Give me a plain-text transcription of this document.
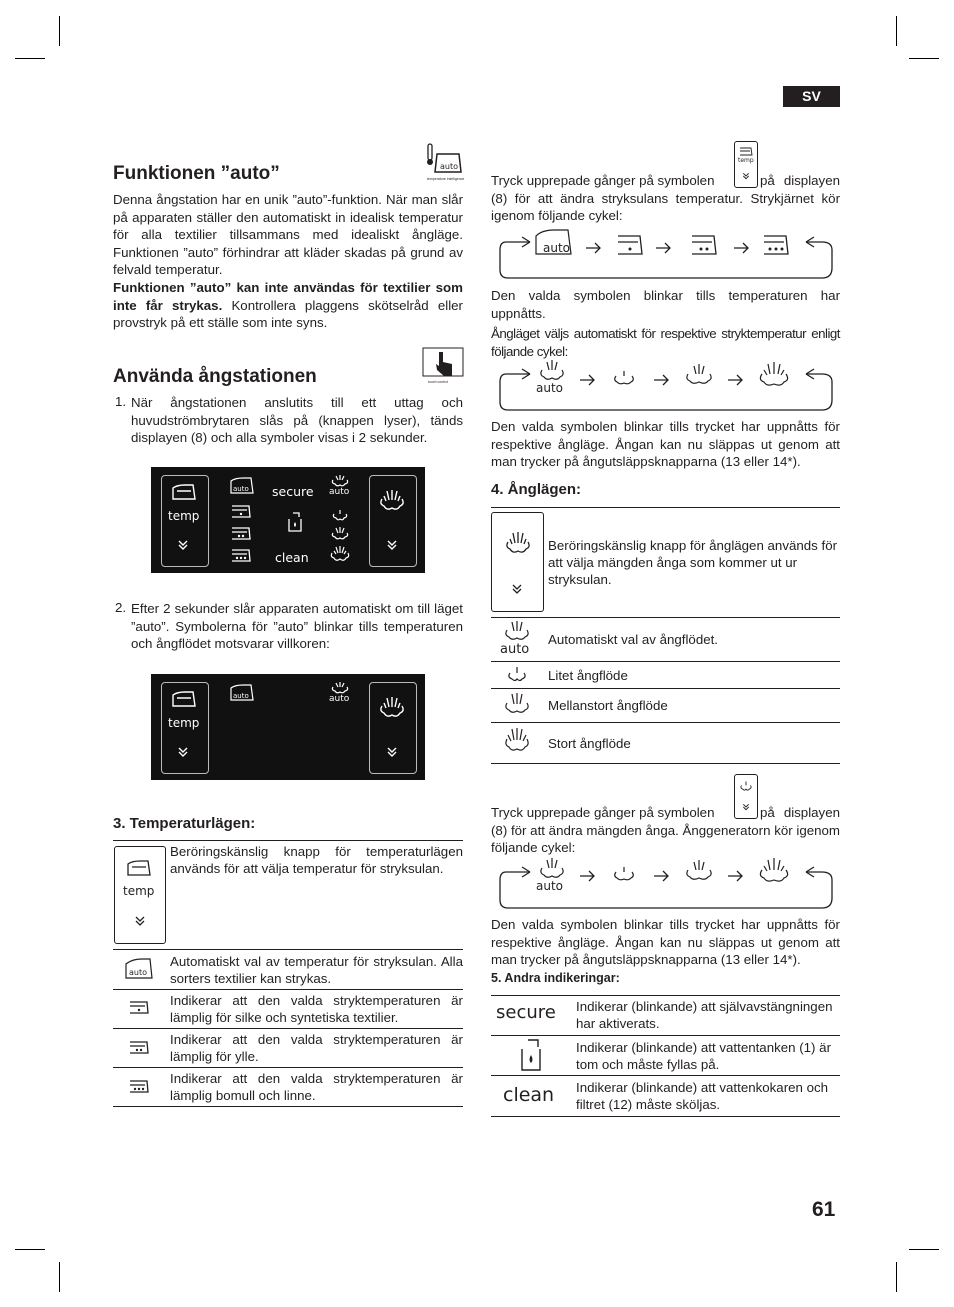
SV
Funktionen ”auto”	auto
temperature intelligence

Denna ångstation har en unik ”auto”-funktion. När man slår på apparaten ställer den automatiskt in idealisk temperatur för alla textilier tillsammans med idealiskt ångläge. Funktionen ”auto” förhindrar att kläder skadas på grund av felvald temperatur.

Funktionen ”auto” kan inte användas för textilier som inte får strykas. Kontrollera plaggens skötselråd eller provstryk på ett ställe som inte syns.

Använda ångstationen	touch control
1. När ångstationen anslutits till ett uttag och huvudströmbrytaren slås på (knappen lyser), tänds displayen (8) och alla symboler visas i 2 sekunder.
temp
auto secure
clean
auto
2. Efter 2 sekunder slår apparaten automatiskt om till läget ”auto”. Symbolerna för ”auto” blinkar tills temperaturen och ångflödet motsvarar villkoren:
temp
auto	auto
3. Temperaturlägen:
temp
Beröringskänslig knapp för temperaturlägen används för att välja temperatur för stryksulan.
auto
Automatiskt val av temperatur för stryksulan. Alla sorters textilier kan strykas.
Indikerar att den valda stryktemperaturen är lämplig för silke och syntetiska textilier.
Indikerar att den valda stryktemperaturen är lämplig för ylle.
Indikerar att den valda stryktemperaturen är lämplig bomull och linne.
temp
Tryck upprepade gånger på symbolen	på displayen (8) för att ändra stryksulans temperatur. Strykjärnet kör igenom följande cykel:
auto

Den valda symbolen blinkar tills temperaturen har uppnåtts.

Ångläget väljs automatiskt för respektive stryktemperatur enligt följande cykel:

auto

Den valda symbolen blinkar tills trycket har uppnåtts för respektive ångläge. Ångan kan nu släppas ut genom att man trycker på ångutsläppsknapparna (13 eller 14*).

4. Ånglägen:
Beröringskänslig knapp för ånglägen används för att välja mängden ånga som kommer ut ur stryksulan.
auto
Automatiskt val av ångflödet.
Litet ångflöde
Mellanstort ångflöde
Stort ångflöde
Tryck upprepade gånger på symbolen	på displayen (8) för att ändra mängden ånga. Ånggeneratorn kör igenom följande cykel:
auto

Den valda symbolen blinkar tills trycket har uppnåtts för respektive ångläge. Ångan kan nu släppas ut genom att man trycker på ångutsläppsknapparna (13 eller 14*).

5. Andra indikeringar:
secure Indikerar (blinkande) att självavstängningen har aktiverats.
Indikerar (blinkande) att vattentanken (1) är tom och måste fyllas på.
clean Indikerar (blinkande) att vattenkokaren och filtret (12) måste sköljas.
61
